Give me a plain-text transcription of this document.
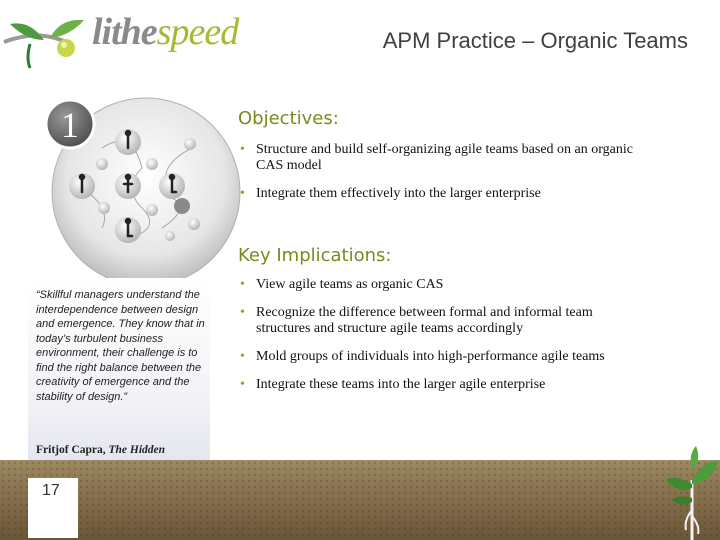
lithespeed	APM Practice – Organic Teams
1	Objectives:
• Structure and build self-organizing agile teams based on an organic CAS model
• Integrate them effectively into the larger enterprise
Key Implications:
• View agile teams as organic CAS
• Recognize the difference between formal and informal team structures and structure agile teams accordingly
• Mold groups of individuals into high-performance agile teams
• Integrate these teams into the larger agile enterprise
“Skillful managers understand the interdependence between design and emergence. They know that in today’s turbulent business environment, their challenge is to find the right balance between the creativity of emergence and the stability of design.”
Fritjof Capra, The Hidden
17
